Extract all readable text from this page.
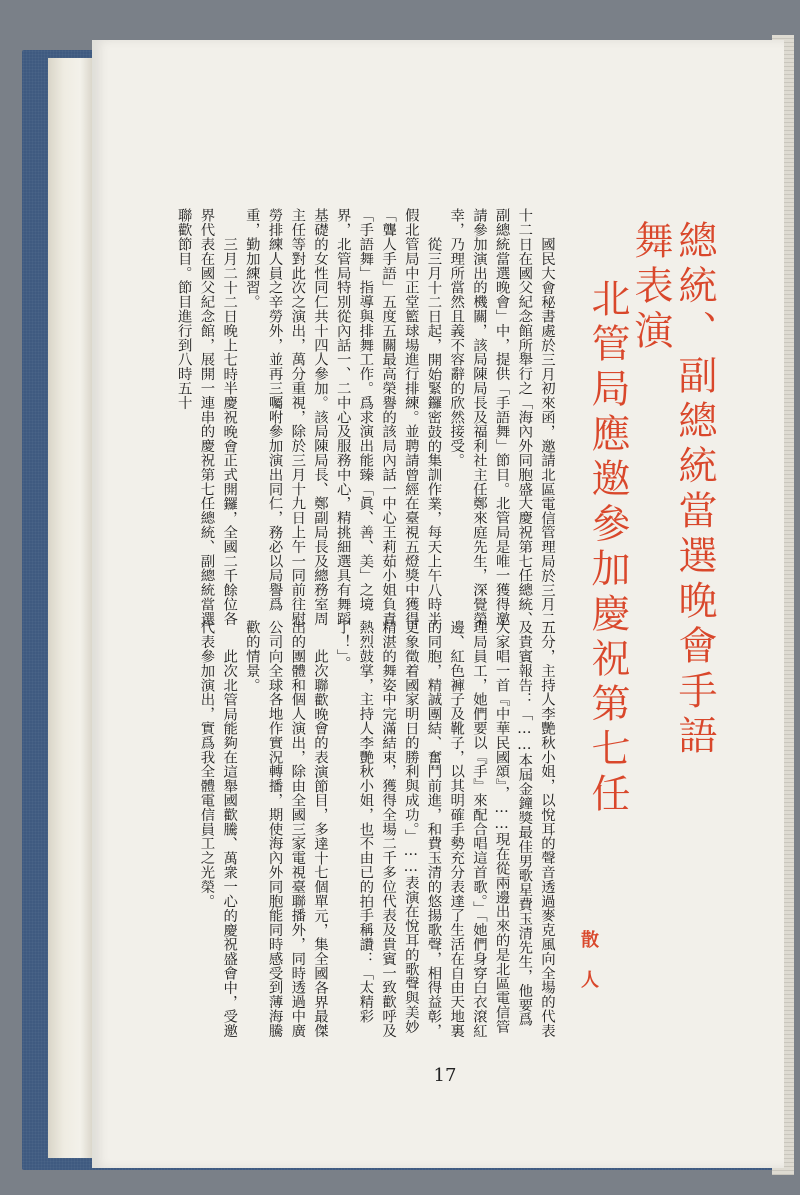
北管局應邀參加慶祝第七任	總統、副總統當選晚會手語舞表演
散人

國民大會秘書處於三月初來函，邀請北區電信管理局於三月二十二日在國父紀念館所舉行之「海內外同胞盛大慶祝第七任總統、副總統當選晚會」中，提供「手語舞」節目。北管局是唯一獲得邀請參加演出的機關，該局陳局長及福利社主任鄭來庭先生，深覺榮幸，乃理所當然且義不容辭的欣然接受。

從三月十二日起，開始緊鑼密鼓的集訓作業，每天上午八時半假北管局中正堂籃球場進行排練。並聘請曾經在臺視五燈獎中獲得「聾人手語」五度五關最高榮譽的該局內話一中心王莉茹小姐負責「手語舞」指導與排舞工作。爲求演出能臻「眞、善、美」之境界，北管局特別從內話一、二中心及服務中心，精挑細選具有舞蹈基礎的女性同仁共十四人參加。該局陳局長、鄭副局長及總務室周主任等對此次之演出，萬分重視，除於三月十九日上午一同前往慰勞排練人員之辛勞外，並再三囑咐參加演出同仁，務必以局譽爲重，勤加練習。

三月二十二日晚上七時半慶祝晚會正式開鑼，全國二千餘位各界代表在國父紀念館，展開一連串的慶祝第七任總統、副總統當選聯歡節目。節目進行到八時五十

五分，主持人李艷秋小姐，以悅耳的聲音透過麥克風向全場的代表及貴賓報告：「……本屆金鐘獎最佳男歌星費玉清先生，他要爲大家唱一首『中華民國頌』，……現在從兩邊出來的是北區電信管理局員工，她們要以『手』來配合唱這首歌。」「她們身穿白衣滾紅邊、紅色褲子及靴子，以其明確手勢充分表達了生活在自由天地裏的同胞，精誠團結、奮鬥前進，和費玉清的悠揚歌聲，相得益彰，更象徵着國家明日的勝利與成功。」……表演在悅耳的歌聲與美妙精湛的舞姿中完滿結束，獲得全場二千多位代表及貴賓一致歡呼及熱烈鼓掌，主持人李艷秋小姐，也不由已的拍手稱讚：「太精彩了！」。

此次聯歡晚會的表演節目，多達十七個單元，集全國各界最傑出的團體和個人演出，除由全國三家電視臺聯播外，同時透過中廣公司向全球各地作實況轉播，期使海內外同胞能同時感受到薄海騰歡的情景。

此次北管局能夠在這舉國歡騰、萬衆一心的慶祝盛會中，受邀代表參加演出，實爲我全體電信員工之光榮。

17
